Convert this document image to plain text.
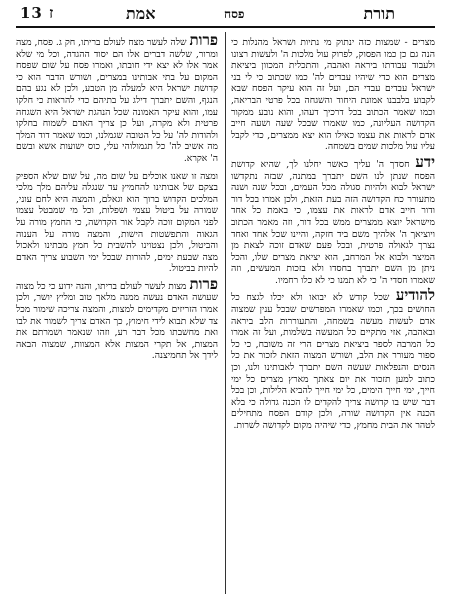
13 ז	אמת	פסח	תורת

מצרים - שמצות כזה ינתוק מי נתיות ושראל מהנלות כי הנה גם כן כמו הפסוק, לפרוק עול מלכות ה' ולעשות רצונו ולעבוד עבודתו ביראה ואהבה, והתכלית המכוון ביציאת מצרים הוא כדי שיהיו עבדים לה' כמו שכתוב כי לי בני ישראל עבדים עבדי הם, ועל זה הוא עיקר הפסח שבא לקבוע בלבבנו אמונת היחוד והשגחה בכל פרטי הבריאה, וכמו שאמר הכתוב בכל דרכיך דעהו, והוא נובע ממקור הקדושה העליונה, כמו שאמרו שבכל שעה ושעה חייב אדם לראות את עצמו כאילו הוא יצא ממצרים, כדי לקבל עליו עול מלכות שמים בשמחה.

ידע חסדך ה' עליך כאשר יחלנו לך, שהיא קדושת הפסח שנתן לנו השם יתברך במתנה, שבזה נתקדשו ישראל לבוא ולהיות סגולה מכל העמים, ובכל שנה ושנה מתעורר כח הקדושה הזה בעת הזאת, ולכן אמרו בכל דור ודור חייב אדם לראות את עצמו, כי באמת כל אחד מישראל יוצא ממצרים ממש בכל דור, וזה מאמר הכתוב ויוציאך ה' אלהיך משם ביד חזקה, והיינו שכל אחד ואחד נצרך לגאולה פרטית, ובכל פעם שאדם זוכה לצאת מן המיצר ולבוא אל המרחב, הוא יציאת מצרים שלו, והכל ניתן מן השם יתברך בחסדו ולא בזכות המעשים, וזה שאמרו חסדי ה' כי לא תמנו כי לא כלו רחמיו.

להודיע שכל קודש לא יבואו ולא יכלו לגצח כל החושים בכך, וכמו שאמרו המפרשים שבכל ענין שמצוה אדם לעשות מעשה בשמחה, והתעוררות הלב ביראה ובאהבה, אזי מתקיים כל המעשה בשלמות, ועל זה אמרו כל המרבה לספר ביציאת מצרים הרי זה משובח, כי כל ספור מעורר את הלב, ושורש המצוה הזאת לזכור את כל הנסים והנפלאות שעשה השם יתברך לאבותינו ולנו, וכן כתוב למען תזכור את יום צאתך מארץ מצרים כל ימי חייך, ימי חייך הימים, כל ימי חייך להביא הלילות, וכן בכל דבר שיש בו קדושה צריך להקדים לו הכנה גדולה כי בלא הכנה אין הקדושה שורה, ולכן קודם הפסח מתחילים לטהר את הבית מחמץ, כדי שיהיה מקום לקדושה לשרות.

פרות שלה לעשר מצח לעולם בריתו, חק ג. פסח, מצה ומרור, שלשה דברים אלו הם יסוד ההגדה, וכל מי שלא אמר אלו לא יצא ידי חובתו, ואמרו פסח על שום שפסח המקום על בתי אבותינו במצרים, ושורש הדבר הוא כי קדושת ישראל היא למעלה מן הטבע, ולכן לא נגע בהם הנגף, והשם יתברך דילג על בתיהם כדי להראות כי חלקו עמו, והוא עיקר האמונה שכל הנהגת ישראל היא השגחה פרטית ולא מקרה, ועל כן צריך האדם לשמוח בחלקו ולהודות לה' על כל הטובה שגמלנו, וכמו שאמר דוד המלך מה אשיב לה' כל תגמולוהי עלי, כוס ישועות אשא ובשם ה' אקרא.

ומצה זו שאנו אוכלים על שום מה, על שום שלא הספיק בצקם של אבותינו להחמיץ עד שנגלה עליהם מלך מלכי המלכים הקדוש ברוך הוא וגאלם, והמצה היא לחם עוני, שמורה על ביטול עצמי ושפלות, וכל מי שמבטל עצמו לפני המקום זוכה לקבל אור הקדושה, כי החמץ מורה על הגאוה והתפשטות הישות, והמצה מורה על הענוה והביטול, ולכן נצטוינו להשבית כל חמץ מבתינו ולאכול מצה שבעת ימים, להורות שבכל ימי השבוע צריך האדם להיות בביטול.

פרות מצות לעשר לעולם בריתו, והנה ידוע כי כל מצוה שעושה האדם נעשה ממנה מלאך טוב ומליץ יושר, ולכן אמרו הזריזים מקדימים למצות, והמצה צריכה שימור מכל צד שלא תבוא לידי חימוץ, כך האדם צריך לשמור את לבו ואת מחשבתו מכל דבר רע, וזהו שנאמר ושמרתם את המצות, אל תקרי המצות אלא המצוות, שמצוה הבאה לידך אל תחמיצנה.
